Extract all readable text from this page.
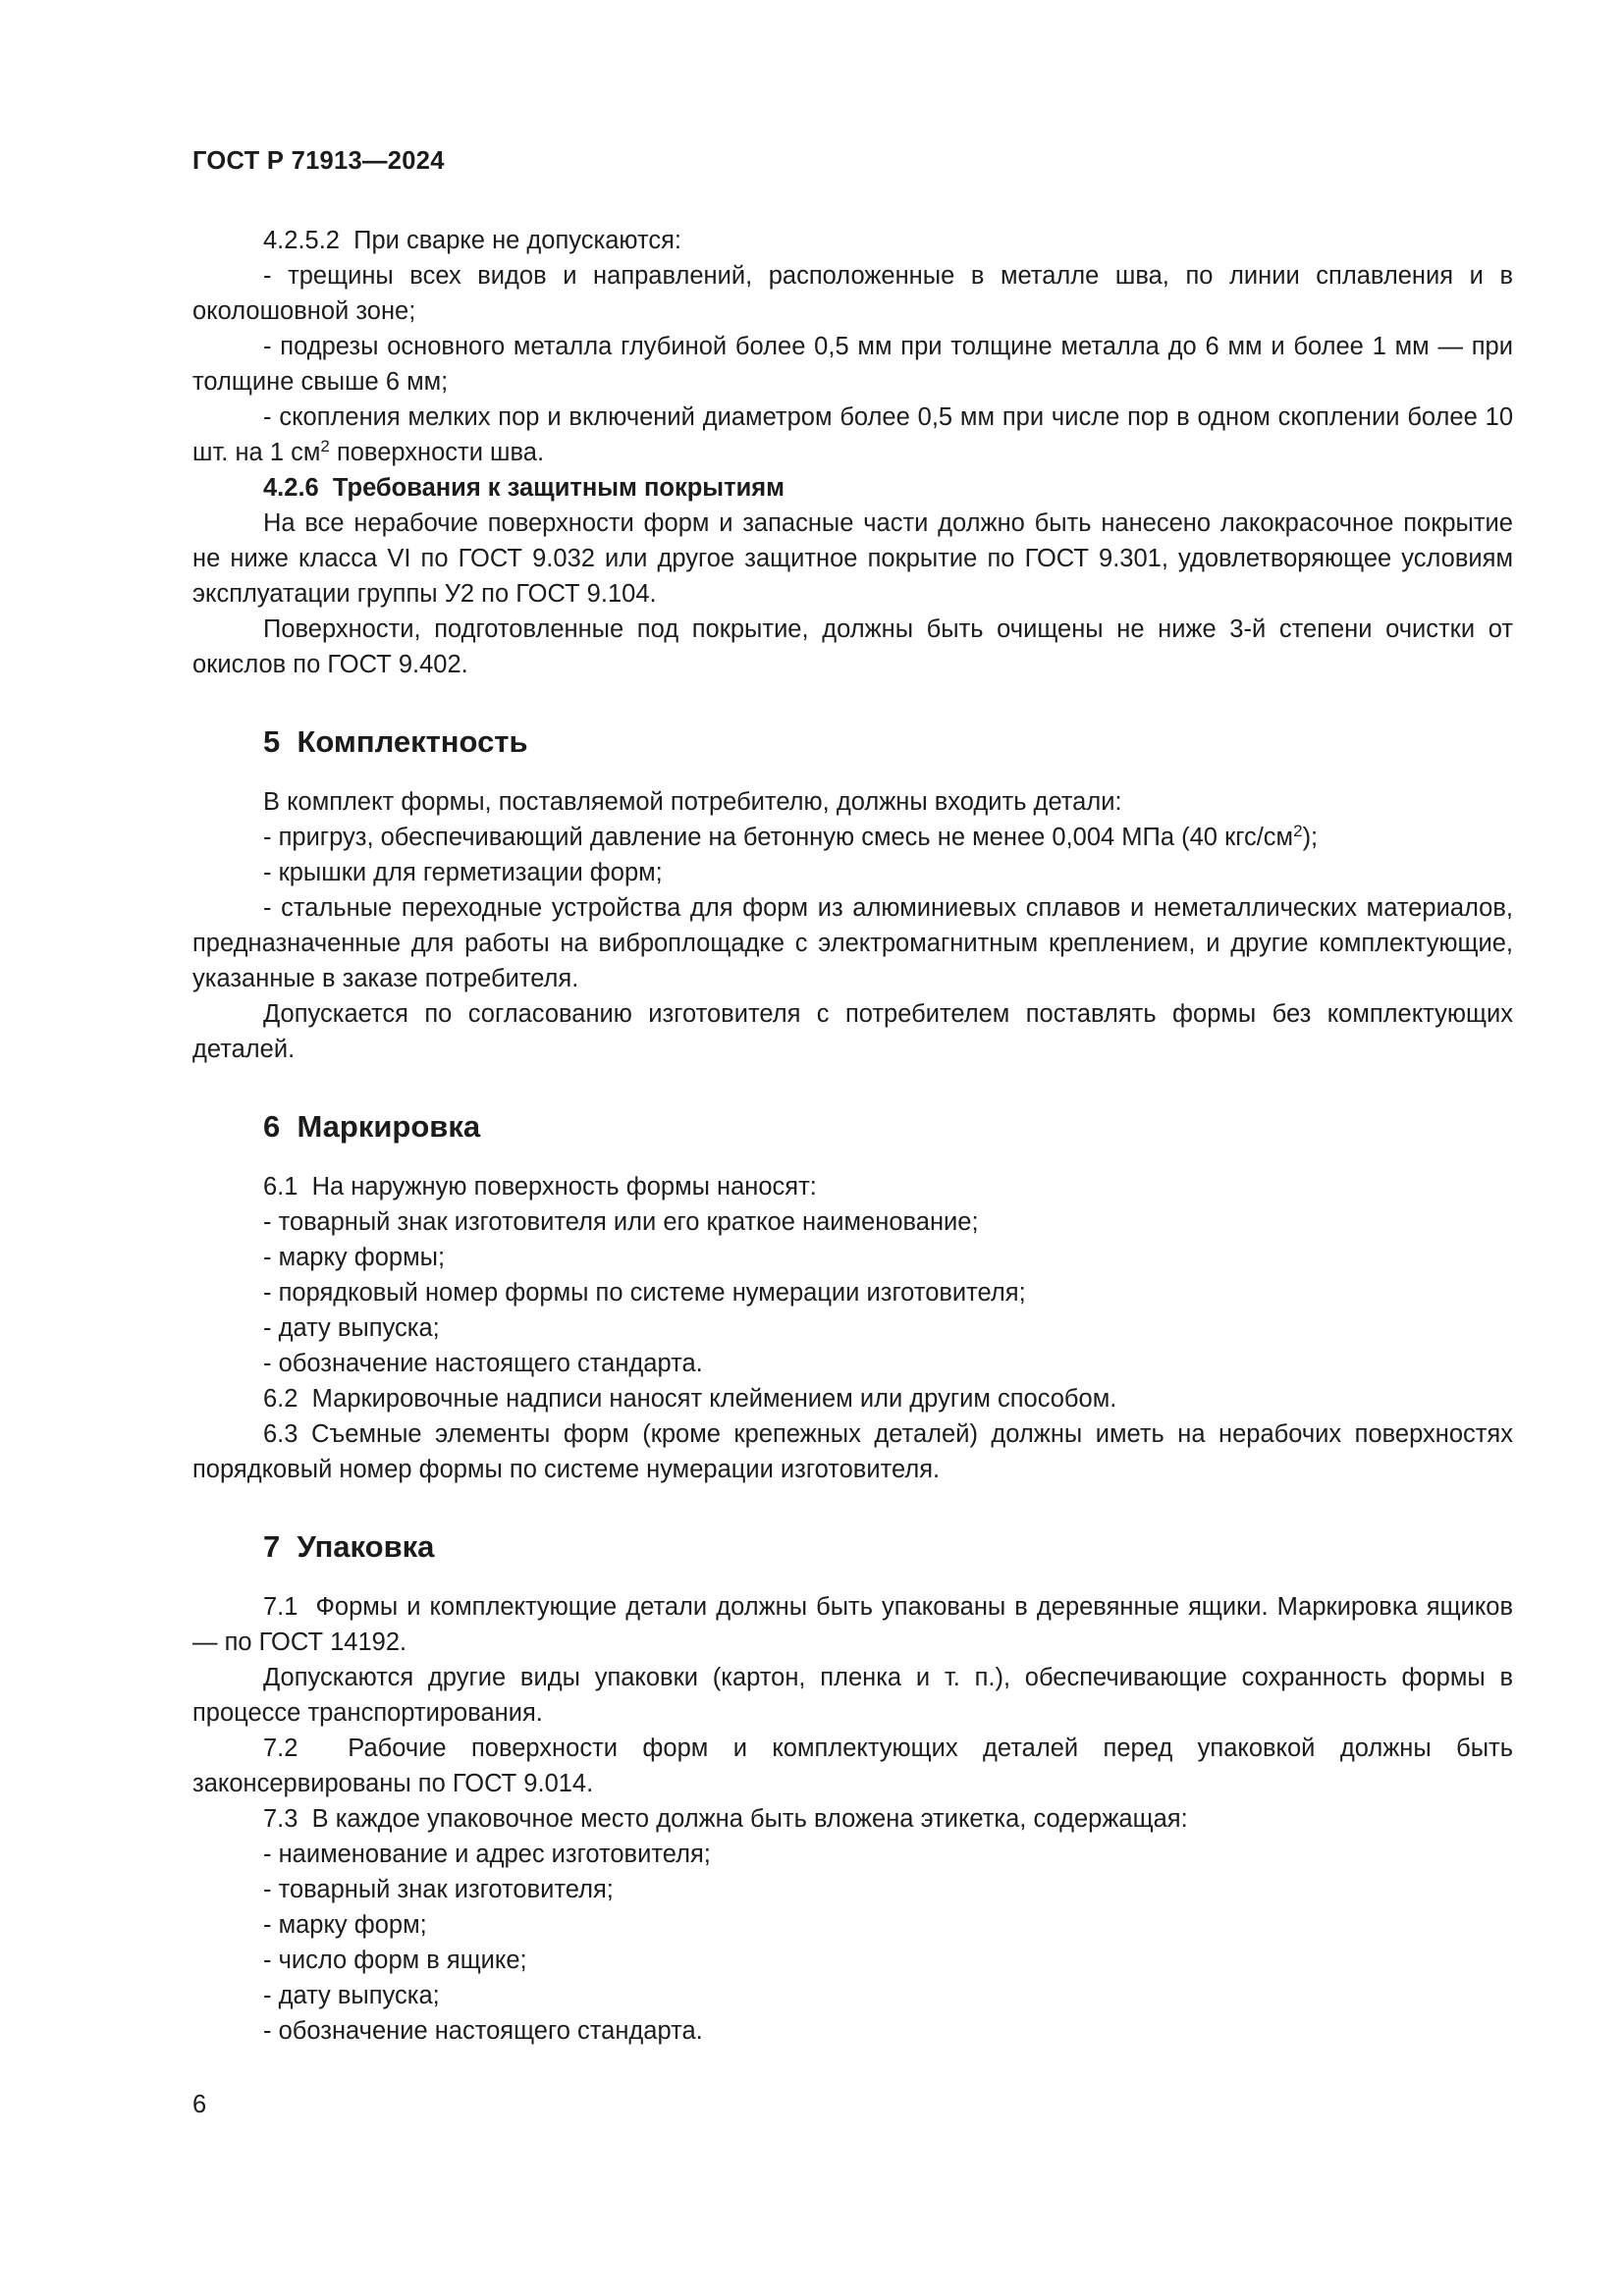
ГОСТ Р 71913—2024

4.2.5.2 При сварке не допускаются:

- трещины всех видов и направлений, расположенные в металле шва, по линии сплавления и в околошовной зоне;

- подрезы основного металла глубиной более 0,5 мм при толщине металла до 6 мм и более 1 мм — при толщине свыше 6 мм;

- скопления мелких пор и включений диаметром более 0,5 мм при числе пор в одном скоплении более 10 шт. на 1 $см^2$ поверхности шва.

4.2.6 Требования к защитным покрытиям

На все нерабочие поверхности форм и запасные части должно быть нанесено лакокрасочное покрытие не ниже класса VI по ГОСТ 9.032 или другое защитное покрытие по ГОСТ 9.301, удовлетворяющее условиям эксплуатации группы У2 по ГОСТ 9.104.

Поверхности, подготовленные под покрытие, должны быть очищены не ниже 3-й степени очистки от окислов по ГОСТ 9.402.

5 Комплектность

В комплект формы, поставляемой потребителю, должны входить детали:

- пригруз, обеспечивающий давление на бетонную смесь не менее 0,004 МПа (40 кгс/$см^2$);

- крышки для герметизации форм;

- стальные переходные устройства для форм из алюминиевых сплавов и неметаллических материалов, предназначенные для работы на виброплощадке с электромагнитным креплением, и другие комплектующие, указанные в заказе потребителя.

Допускается по согласованию изготовителя с потребителем поставлять формы без комплектующих деталей.

6 Маркировка

6.1 На наружную поверхность формы наносят:

- товарный знак изготовителя или его краткое наименование;

- марку формы;

- порядковый номер формы по системе нумерации изготовителя;

- дату выпуска;

- обозначение настоящего стандарта.

6.2 Маркировочные надписи наносят клеймением или другим способом.

6.3 Съемные элементы форм (кроме крепежных деталей) должны иметь на нерабочих поверхностях порядковый номер формы по системе нумерации изготовителя.

7 Упаковка

7.1 Формы и комплектующие детали должны быть упакованы в деревянные ящики. Маркировка ящиков — по ГОСТ 14192.

Допускаются другие виды упаковки (картон, пленка и т. п.), обеспечивающие сохранность формы в процессе транспортирования.

7.2 Рабочие поверхности форм и комплектующих деталей перед упаковкой должны быть законсервированы по ГОСТ 9.014.

7.3 В каждое упаковочное место должна быть вложена этикетка, содержащая:

- наименование и адрес изготовителя;

- товарный знак изготовителя;

- марку форм;

- число форм в ящике;

- дату выпуска;

- обозначение настоящего стандарта.

6
